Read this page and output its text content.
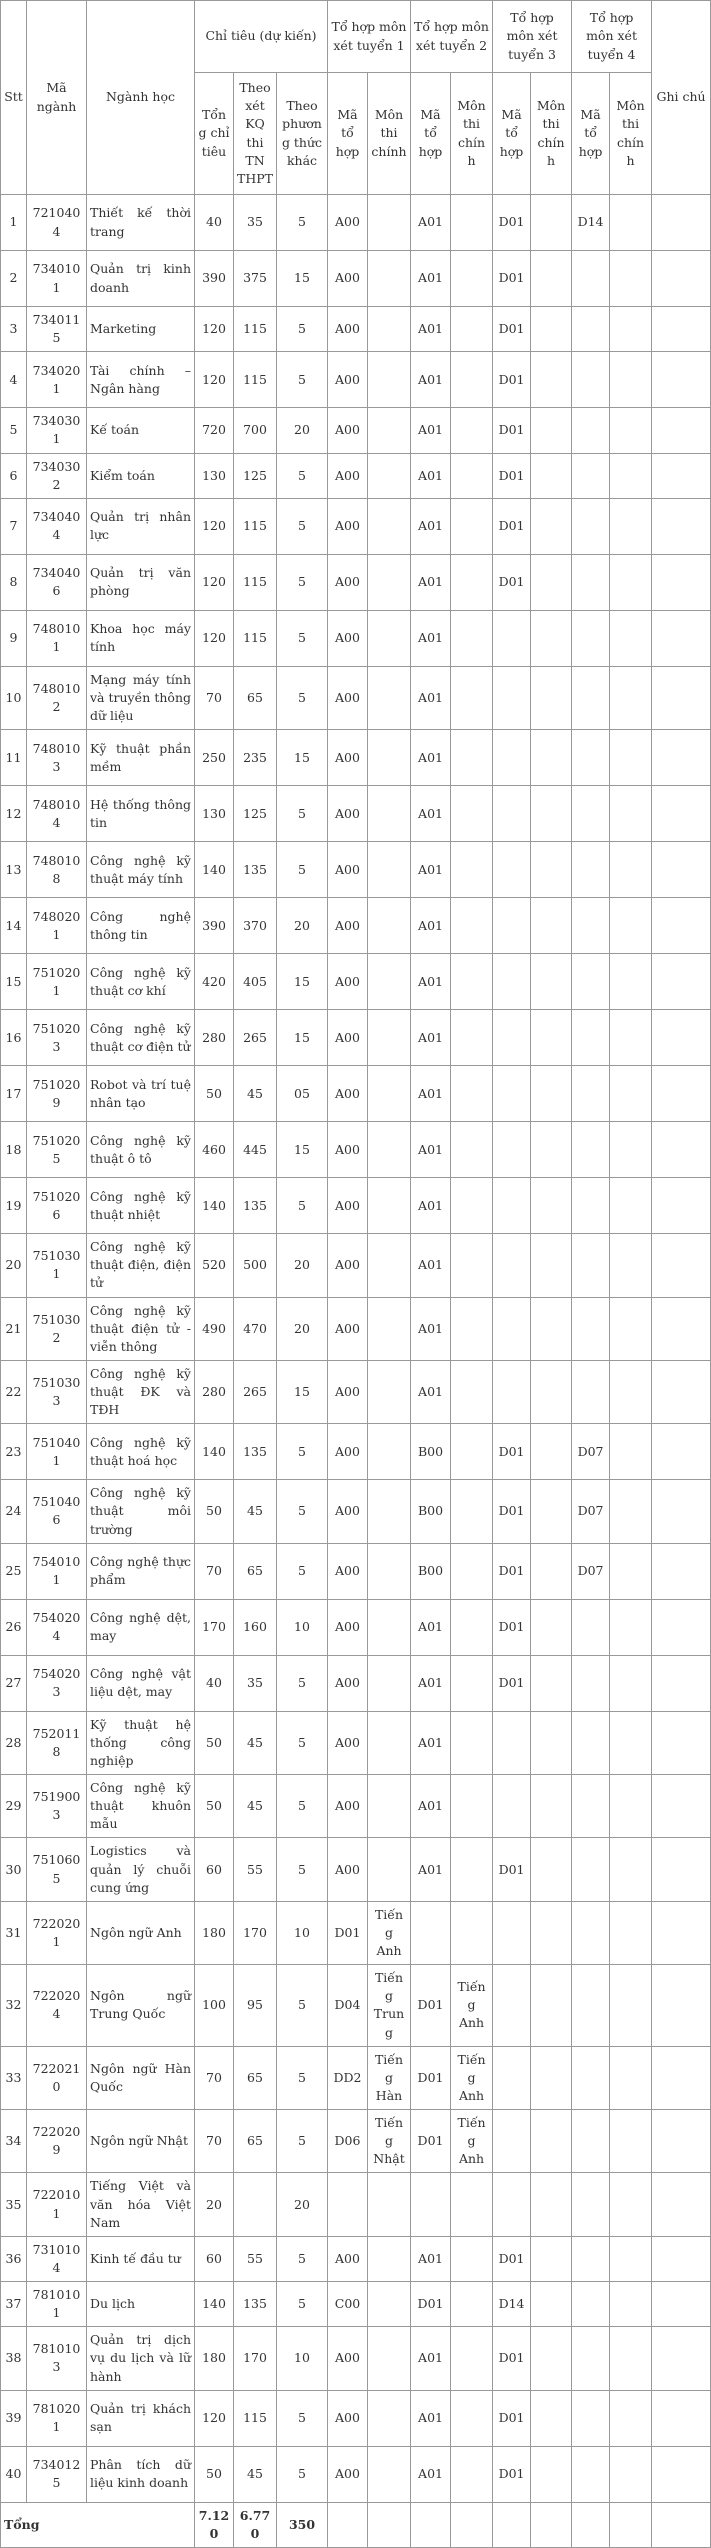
Stt	Mã ngành	Ngành học	Chỉ tiêu (dự kiến)			Tổ hợp môn xét tuyển 1		Tổ hợp môn xét tuyển 2		Tổ hợp môn xét tuyển 3		Tổ hợp môn xét tuyển 4		Ghi chú
			Tổng chỉ tiêu	Theo xét KQ thi TN THPT	Theo phương thức khác	Mã tổ hợp	Môn thi chính	Mã tổ hợp	Môn thi chính	Mã tổ hợp	Môn thi chính	Mã tổ hợp	Môn thi chính	
1	7210404	Thiết kế thời trang	40	35	5	A00		A01		D01		D14		
2	7340101	Quản trị kinh doanh	390	375	15	A00		A01		D01				
3	7340115	Marketing	120	115	5	A00		A01		D01				
4	7340201	Tài chính – Ngân hàng	120	115	5	A00		A01		D01				
5	7340301	Kế toán	720	700	20	A00		A01		D01				
6	7340302	Kiểm toán	130	125	5	A00		A01		D01				
7	7340404	Quản trị nhân lực	120	115	5	A00		A01		D01				
8	7340406	Quản trị văn phòng	120	115	5	A00		A01		D01				
9	7480101	Khoa học máy tính	120	115	5	A00		A01						
10	7480102	Mạng máy tính và truyền thông dữ liệu	70	65	5	A00		A01						
11	7480103	Kỹ thuật phần mềm	250	235	15	A00		A01						
12	7480104	Hệ thống thông tin	130	125	5	A00		A01						
13	7480108	Công nghệ kỹ thuật máy tính	140	135	5	A00		A01						
14	7480201	Công nghệ thông tin	390	370	20	A00		A01						
15	7510201	Công nghệ kỹ thuật cơ khí	420	405	15	A00		A01						
16	7510203	Công nghệ kỹ thuật cơ điện tử	280	265	15	A00		A01						
17	7510209	Robot và trí tuệ nhân tạo	50	45	05	A00		A01						
18	7510205	Công nghệ kỹ thuật ô tô	460	445	15	A00		A01						
19	7510206	Công nghệ kỹ thuật nhiệt	140	135	5	A00		A01						
20	7510301	Công nghệ kỹ thuật điện, điện tử	520	500	20	A00		A01						
21	7510302	Công nghệ kỹ thuật điện tử - viễn thông	490	470	20	A00		A01						
22	7510303	Công nghệ kỹ thuật ĐK và TĐH	280	265	15	A00		A01						
23	7510401	Công nghệ kỹ thuật hoá học	140	135	5	A00		B00		D01		D07		
24	7510406	Công nghệ kỹ thuật môi trường	50	45	5	A00		B00		D01		D07		
25	7540101	Công nghệ thực phẩm	70	65	5	A00		B00		D01		D07		
26	7540204	Công nghệ dệt, may	170	160	10	A00		A01		D01				
27	7540203	Công nghệ vật liệu dệt, may	40	35	5	A00		A01		D01				
28	7520118	Kỹ thuật hệ thống công nghiệp	50	45	5	A00		A01						
29	7519003	Công nghệ kỹ thuật khuôn mẫu	50	45	5	A00		A01						
30	7510605	Logistics và quản lý chuỗi cung ứng	60	55	5	A00		A01		D01				
31	7220201	Ngôn ngữ Anh	180	170	10	D01	Tiếng Anh							
32	7220204	Ngôn ngữ Trung Quốc	100	95	5	D04	Tiếng Trung	D01	Tiếng Anh					
33	7220210	Ngôn ngữ Hàn Quốc	70	65	5	DD2	Tiếng Hàn	D01	Tiếng Anh					
34	7220209	Ngôn ngữ Nhật	70	65	5	D06	Tiếng Nhật	D01	Tiếng Anh					
35	7220101	Tiếng Việt và văn hóa Việt Nam	20		20									
36	7310104	Kinh tế đầu tư	60	55	5	A00		A01		D01				
37	7810101	Du lịch	140	135	5	C00		D01		D14				
38	7810103	Quản trị dịch vụ du lịch và lữ hành	180	170	10	A00		A01		D01				
39	7810201	Quản trị khách sạn	120	115	5	A00		A01		D01				
40	7340125	Phân tích dữ liệu kinh doanh	50	45	5	A00		A01		D01				
Tổng			7.120	6.770	350									
